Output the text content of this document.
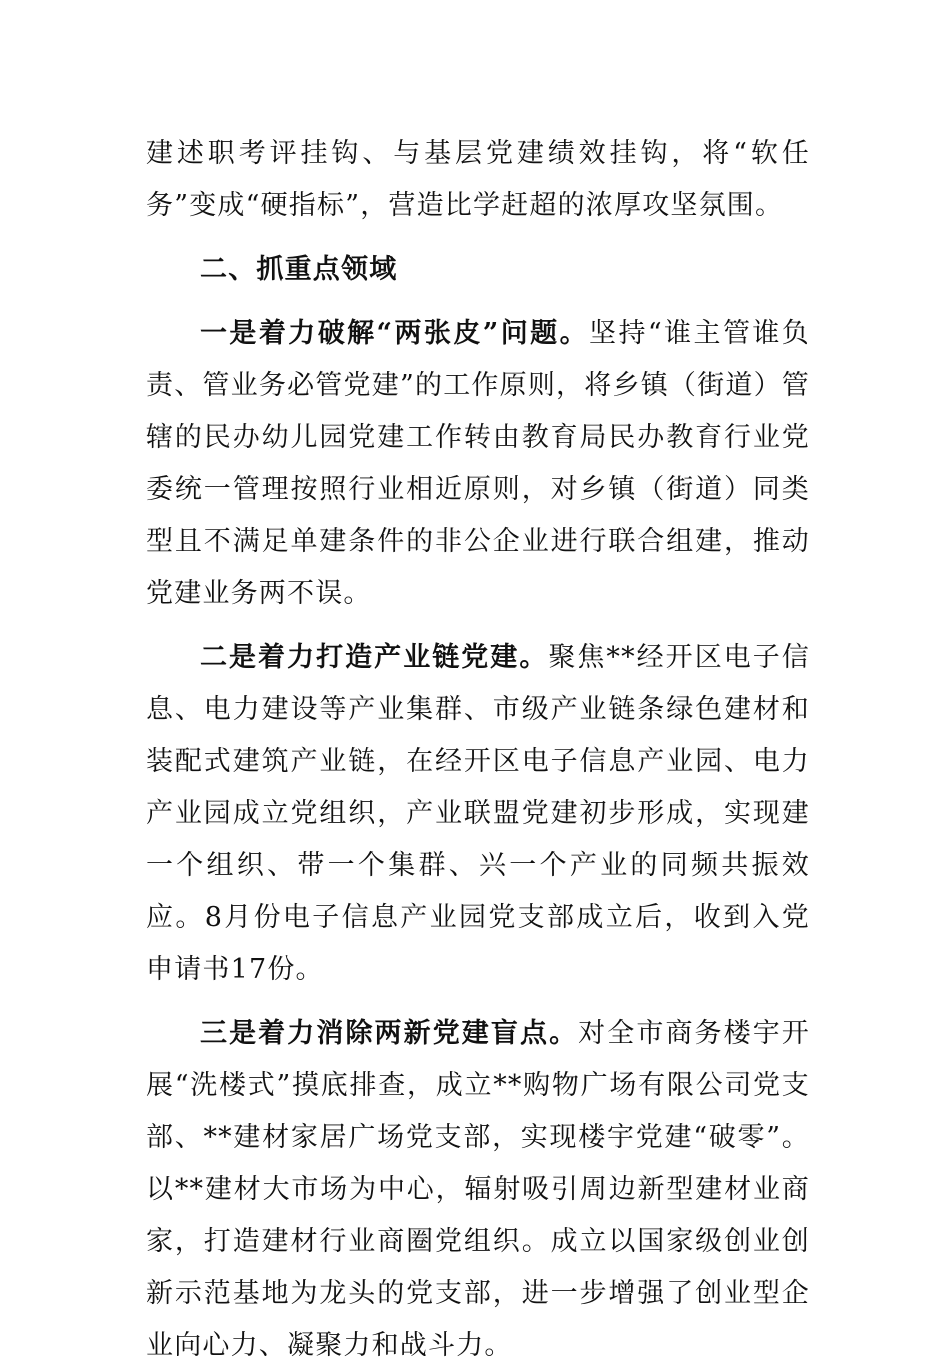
建述职考评挂钩、与基层党建绩效挂钩，将“软任务”变成“硬指标”，营造比学赶超的浓厚攻坚氛围。

二、抓重点领域

一是着力破解“两张皮”问题。坚持“谁主管谁负责、管业务必管党建”的工作原则，将乡镇（街道）管辖的民办幼儿园党建工作转由教育局民办教育行业党委统一管理按照行业相近原则，对乡镇（街道）同类型且不满足单建条件的非公企业进行联合组建，推动党建业务两不误。

二是着力打造产业链党建。聚焦**经开区电子信息、电力建设等产业集群、市级产业链条绿色建材和装配式建筑产业链，在经开区电子信息产业园、电力产业园成立党组织，产业联盟党建初步形成，实现建一个组织、带一个集群、兴一个产业的同频共振效应。8月份电子信息产业园党支部成立后，收到入党申请书17份。

三是着力消除两新党建盲点。对全市商务楼宇开展“洗楼式”摸底排查，成立**购物广场有限公司党支部、**建材家居广场党支部，实现楼宇党建“破零”。以**建材大市场为中心，辐射吸引周边新型建材业商家，打造建材行业商圈党组织。成立以国家级创业创新示范基地为龙头的党支部，进一步增强了创业型企业向心力、凝聚力和战斗力。
